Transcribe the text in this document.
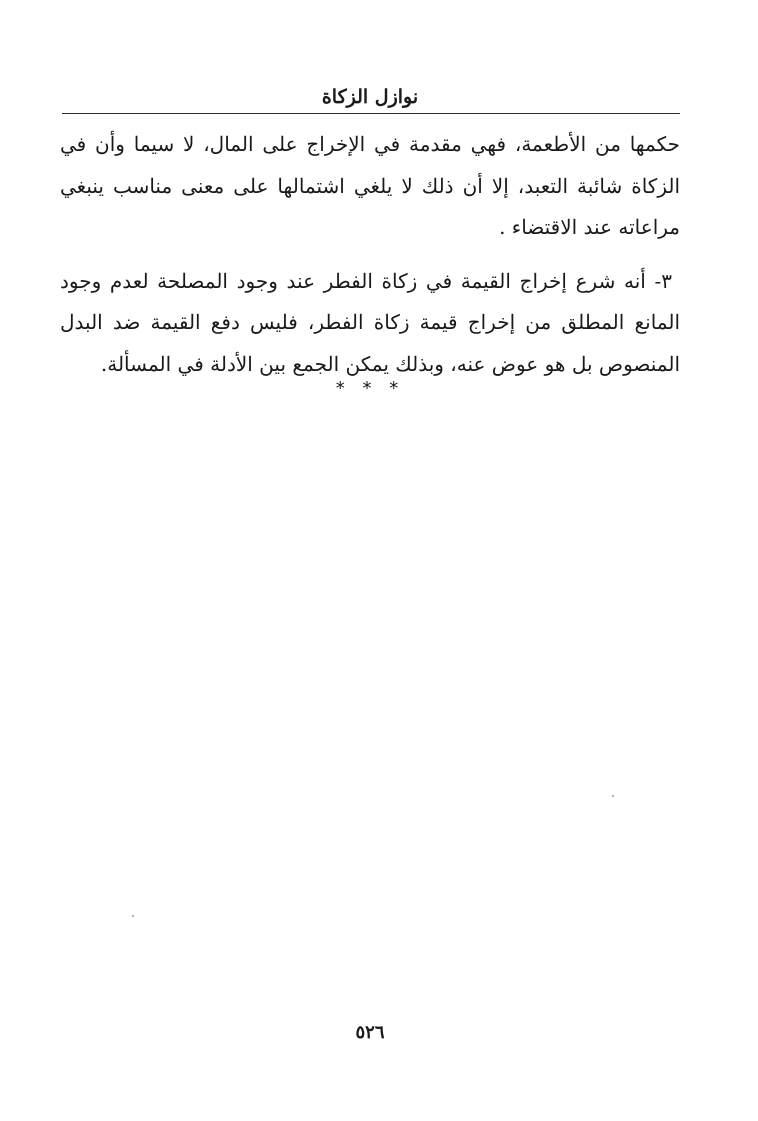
نوازل الزكاة

حكمها من الأطعمة، فهي مقدمة في الإخراج على المال، لا سيما وأن في الزكاة شائبة التعبد، إلا أن ذلك لا يلغي اشتمالها على معنى مناسب ينبغي مراعاته عند الاقتضاء .

٣- أنه شرع إخراج القيمة في زكاة الفطر عند وجود المصلحة لعدم وجود المانع المطلق من إخراج قيمة زكاة الفطر، فليس دفع القيمة ضد البدل المنصوص بل هو عوض عنه، وبذلك يمكن الجمع بين الأدلة في المسألة.

* * *
٥٢٦
